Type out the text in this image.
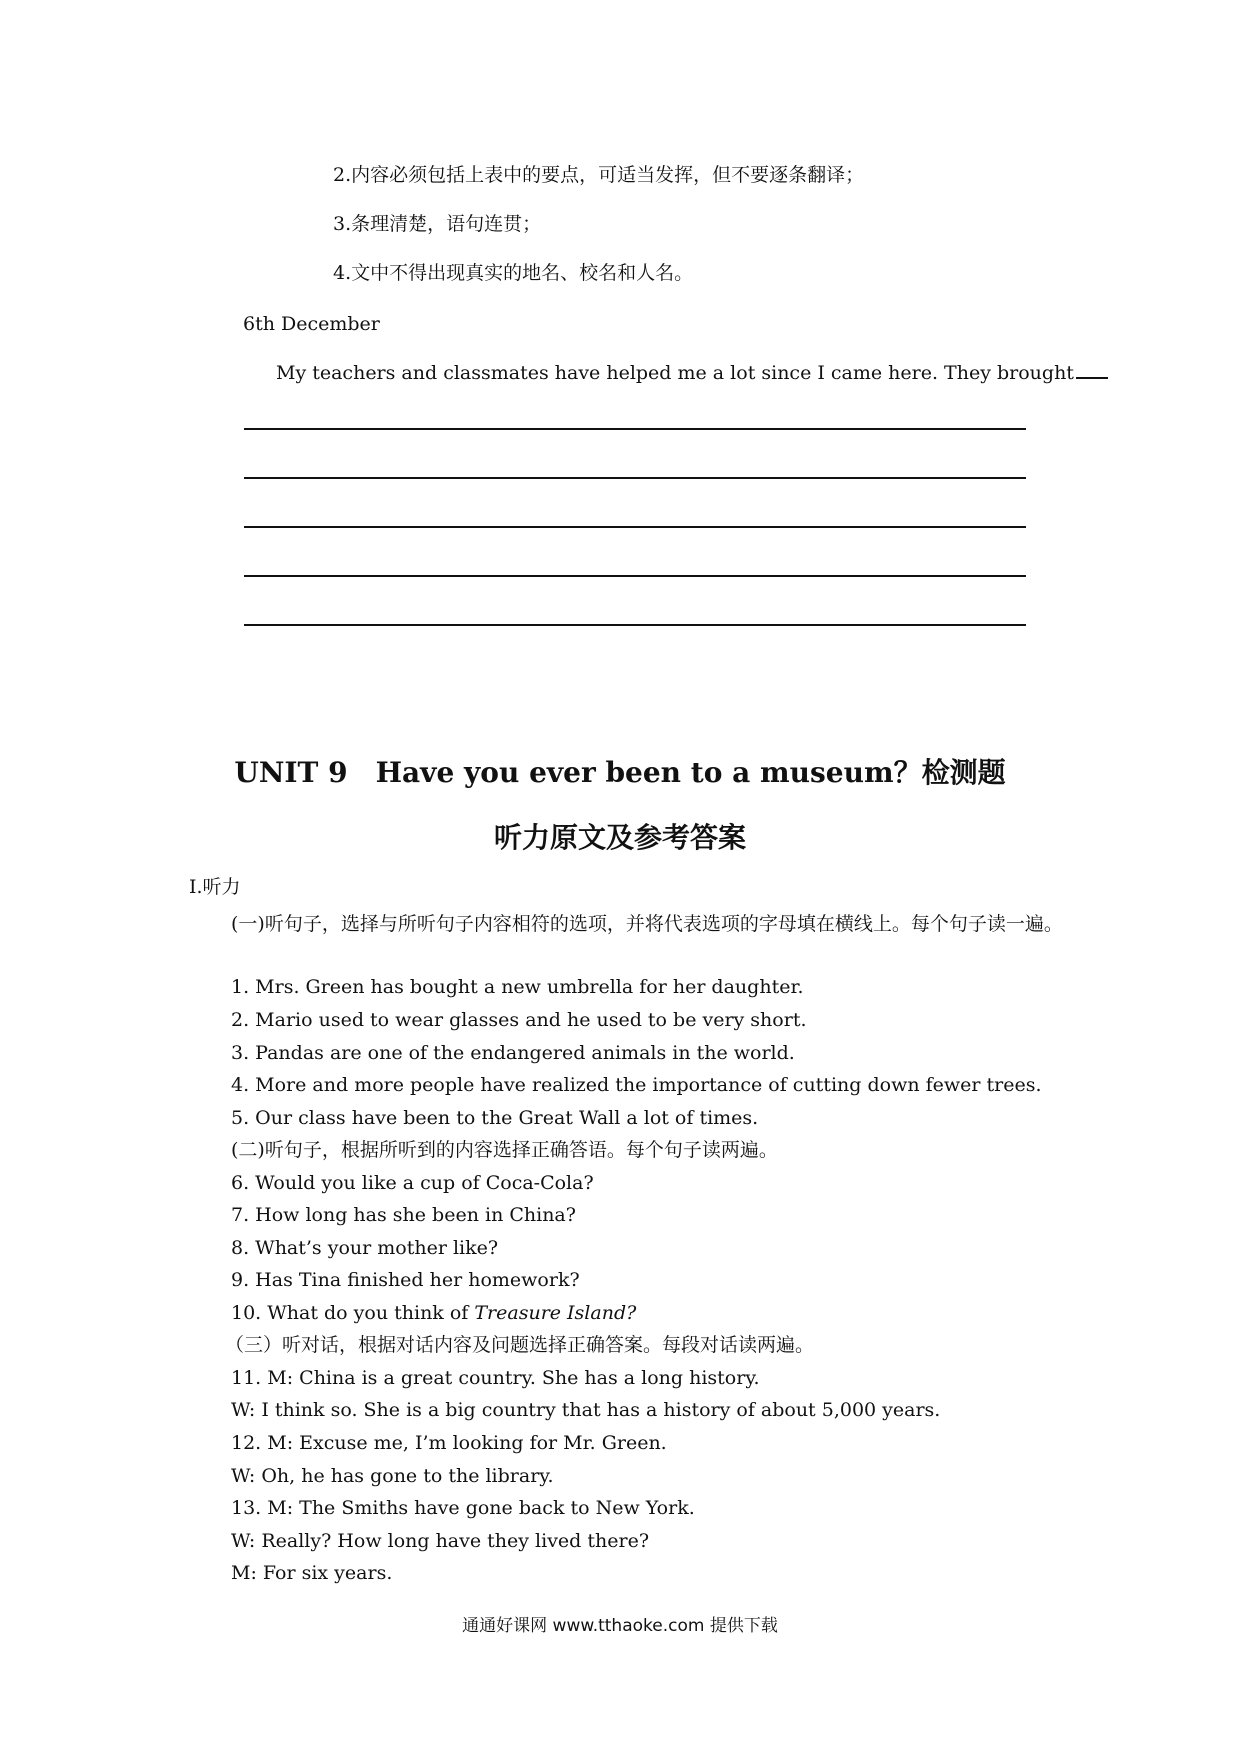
2.内容必须包括上表中的要点，可适当发挥，但不要逐条翻译；
3.条理清楚，语句连贯；
4.文中不得出现真实的地名、校名和人名。
6th December
My teachers and classmates have helped me a lot since I came here. They brought
UNIT 9　Have you ever been to a museum？检测题
听力原文及参考答案
I.听力
(一)听句子，选择与所听句子内容相符的选项，并将代表选项的字母填在横线上。每个句子读一遍。
1. Mrs. Green has bought a new umbrella for her daughter.
2. Mario used to wear glasses and he used to be very short.
3. Pandas are one of the endangered animals in the world.
4. More and more people have realized the importance of cutting down fewer trees.
5. Our class have been to the Great Wall a lot of times.
(二)听句子，根据所听到的内容选择正确答语。每个句子读两遍。
6. Would you like a cup of Coca-Cola?
7. How long has she been in China?
8. What’s your mother like?
9. Has Tina finished her homework?
10. What do you think of Treasure Island?
（三）听对话，根据对话内容及问题选择正确答案。每段对话读两遍。
11. M: China is a great country. She has a long history.
W: I think so. She is a big country that has a history of about 5,000 years.
12. M: Excuse me, I’m looking for Mr. Green.
W: Oh, he has gone to the library.
13. M: The Smiths have gone back to New York.
W: Really? How long have they lived there?
M: For six years.
通通好课网 www.tthaoke.com 提供下载
